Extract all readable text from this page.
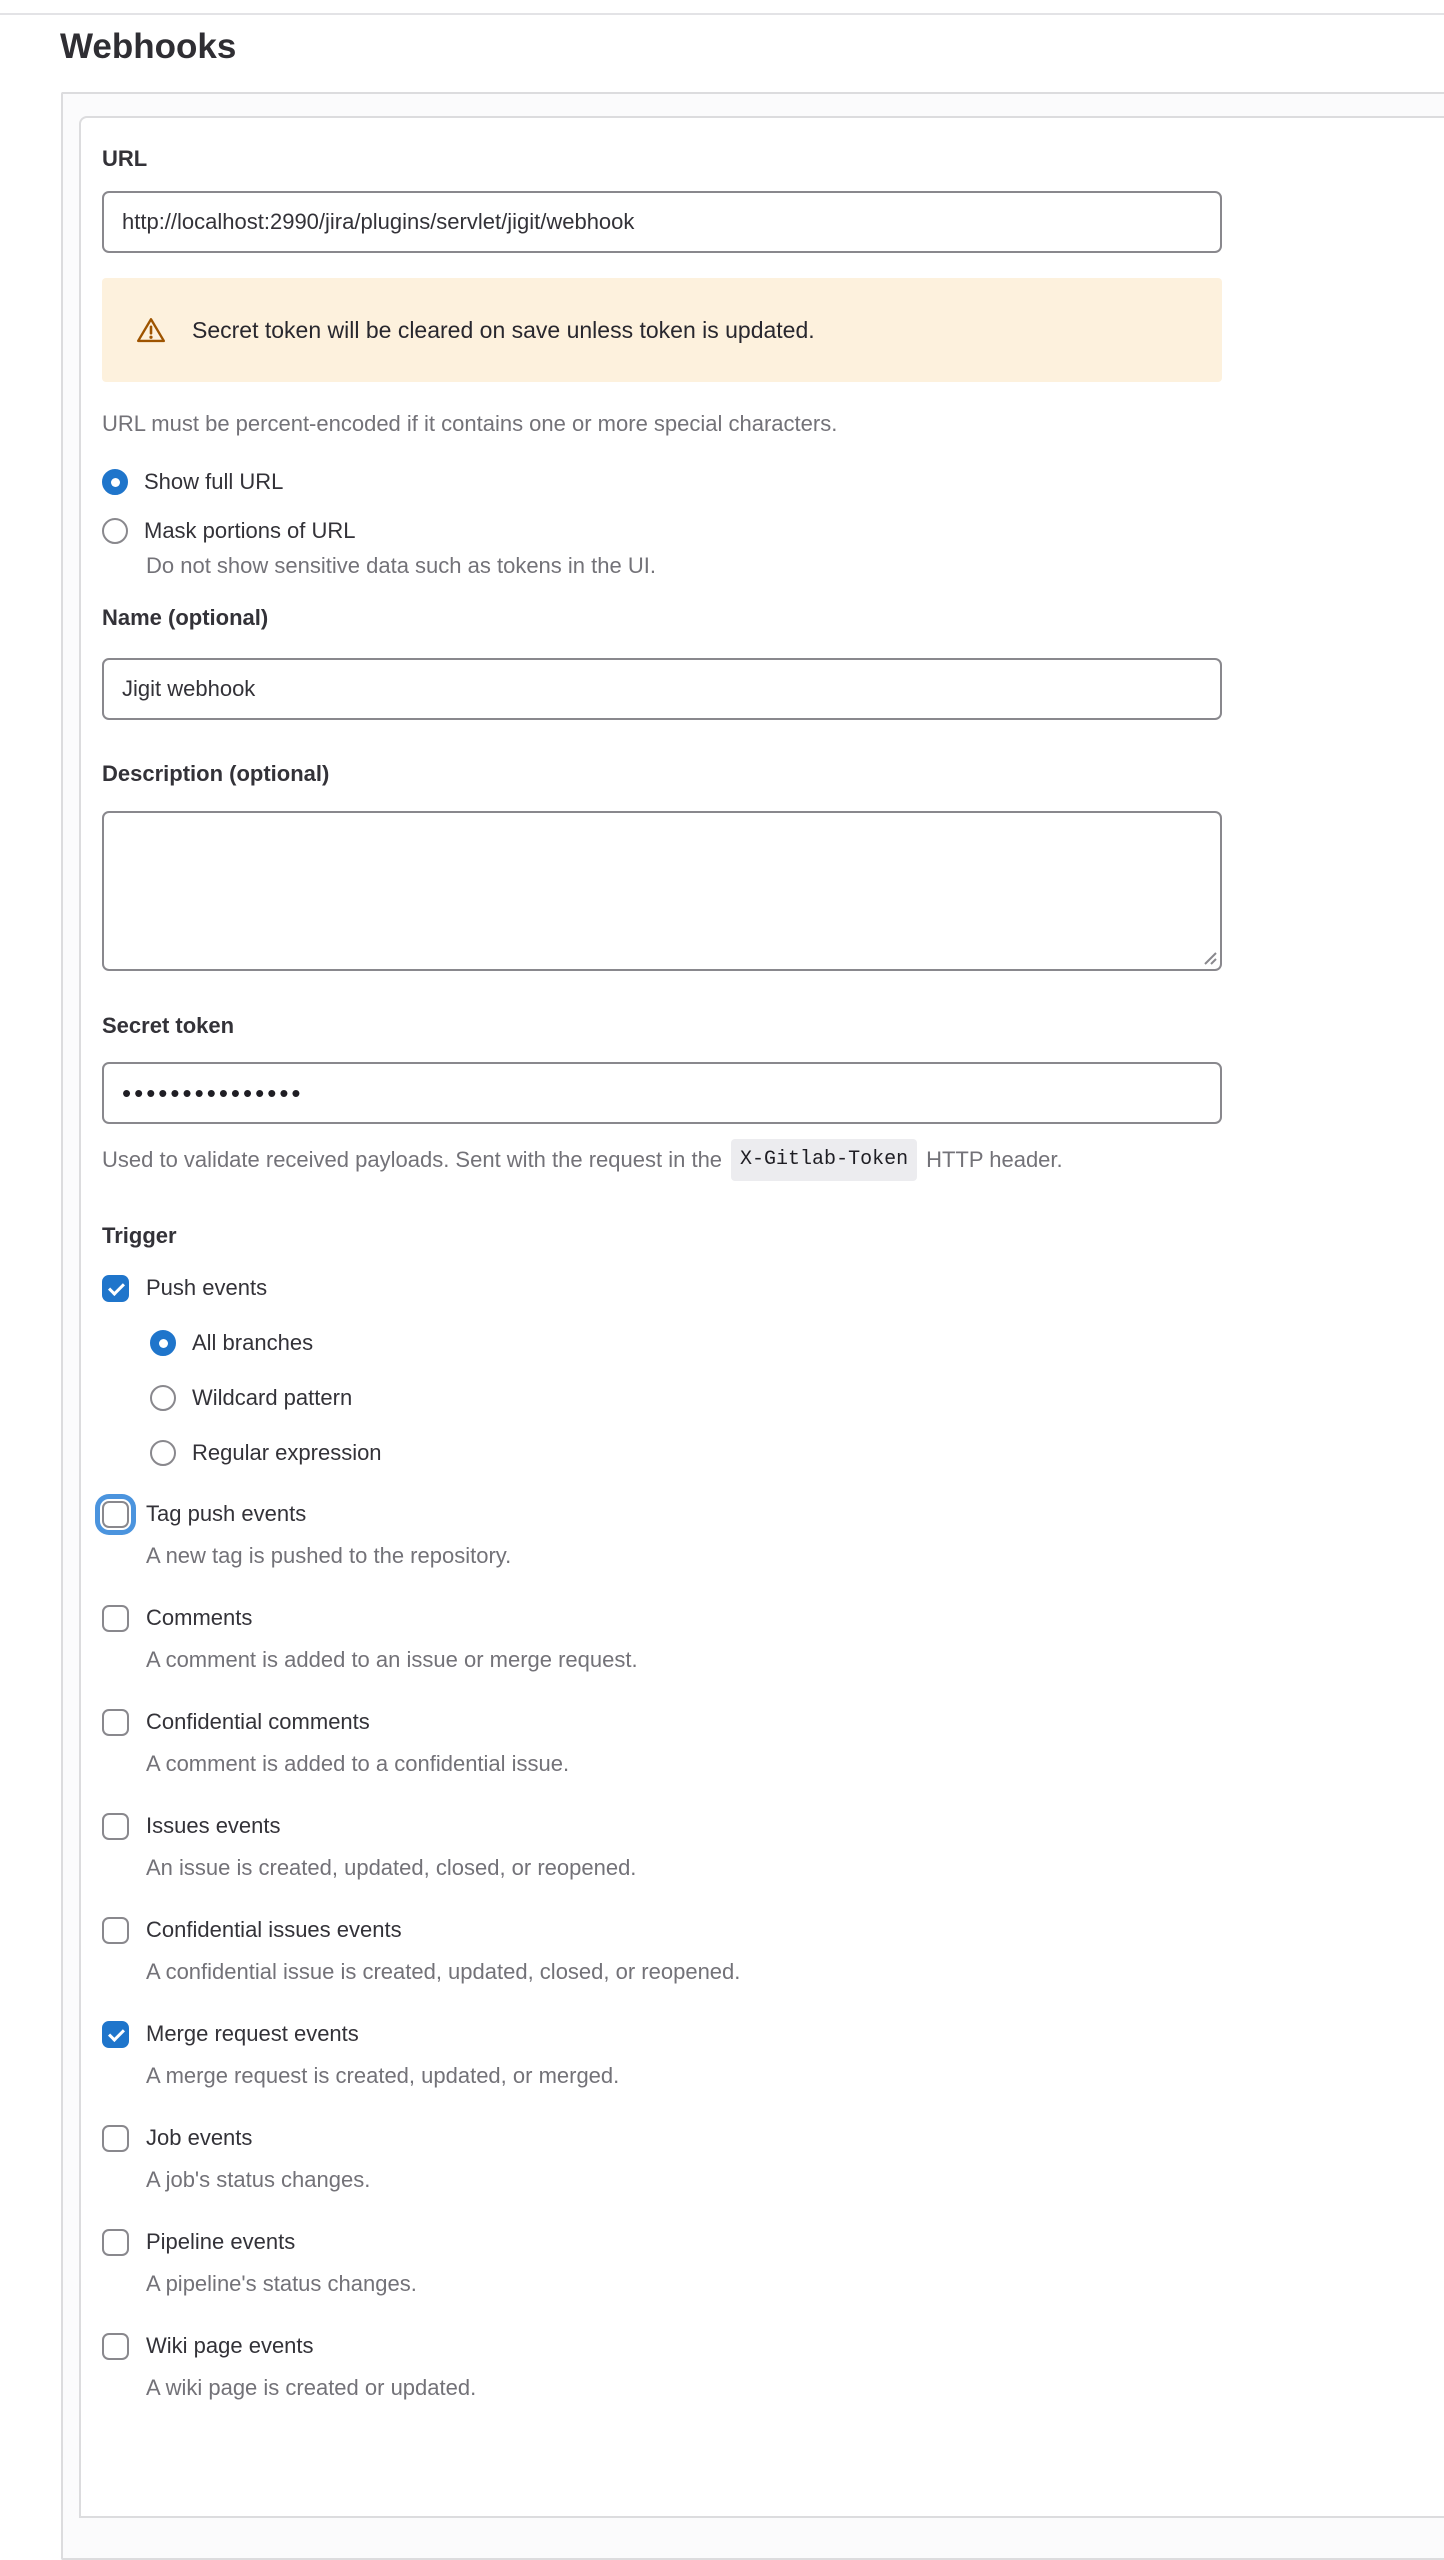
Webhooks
URL
http://localhost:2990/jira/plugins/servlet/jigit/webhook
Secret token will be cleared on save unless token is updated.
URL must be percent-encoded if it contains one or more special characters.
Show full URL
Mask portions of URL
Do not show sensitive data such as tokens in the UI.
Name (optional)
Jigit webhook
Description (optional)
Secret token
•••••••••••••••
Used to validate received payloads. Sent with the request in the X-Gitlab-Token HTTP header.
Trigger
Push events
All branches
Wildcard pattern
Regular expression
Tag push events
A new tag is pushed to the repository.
Comments
A comment is added to an issue or merge request.
Confidential comments
A comment is added to a confidential issue.
Issues events
An issue is created, updated, closed, or reopened.
Confidential issues events
A confidential issue is created, updated, closed, or reopened.
Merge request events
A merge request is created, updated, or merged.
Job events
A job's status changes.
Pipeline events
A pipeline's status changes.
Wiki page events
A wiki page is created or updated.
